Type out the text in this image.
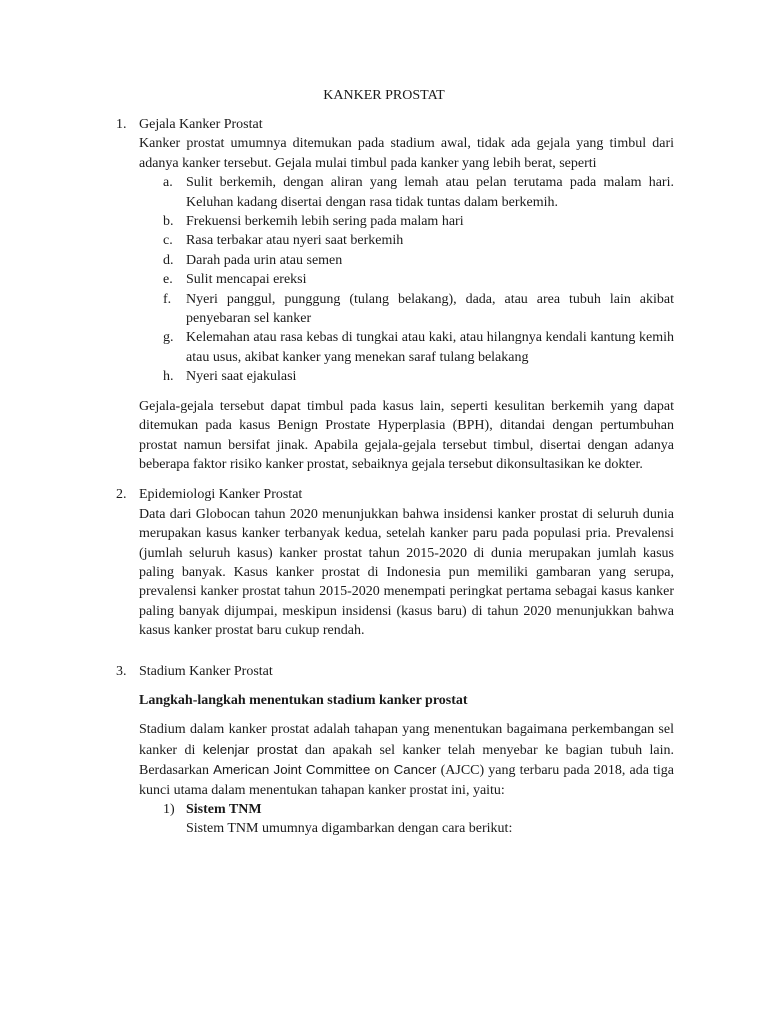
KANKER PROSTAT
1. Gejala Kanker Prostat
Kanker prostat umumnya ditemukan pada stadium awal, tidak ada gejala yang timbul dari adanya kanker tersebut. Gejala mulai timbul pada kanker yang lebih berat, seperti
a. Sulit berkemih, dengan aliran yang lemah atau pelan terutama pada malam hari. Keluhan kadang disertai dengan rasa tidak tuntas dalam berkemih.
b. Frekuensi berkemih lebih sering pada malam hari
c. Rasa terbakar atau nyeri saat berkemih
d. Darah pada urin atau semen
e. Sulit mencapai ereksi
f. Nyeri panggul, punggung (tulang belakang), dada, atau area tubuh lain akibat penyebaran sel kanker
g. Kelemahan atau rasa kebas di tungkai atau kaki, atau hilangnya kendali kantung kemih atau usus, akibat kanker yang menekan saraf tulang belakang
h. Nyeri saat ejakulasi
Gejala-gejala tersebut dapat timbul pada kasus lain, seperti kesulitan berkemih yang dapat ditemukan pada kasus Benign Prostate Hyperplasia (BPH), ditandai dengan pertumbuhan prostat namun bersifat jinak. Apabila gejala-gejala tersebut timbul, disertai dengan adanya beberapa faktor risiko kanker prostat, sebaiknya gejala tersebut dikonsultasikan ke dokter.
2. Epidemiologi Kanker Prostat
Data dari Globocan tahun 2020 menunjukkan bahwa insidensi kanker prostat di seluruh dunia merupakan kasus kanker terbanyak kedua, setelah kanker paru pada populasi pria. Prevalensi (jumlah seluruh kasus) kanker prostat tahun 2015-2020 di dunia merupakan jumlah kasus paling banyak. Kasus kanker prostat di Indonesia pun memiliki gambaran yang serupa, prevalensi kanker prostat tahun 2015-2020 menempati peringkat pertama sebagai kasus kanker paling banyak dijumpai, meskipun insidensi (kasus baru) di tahun 2020 menunjukkan bahwa kasus kanker prostat baru cukup rendah.
3. Stadium Kanker Prostat
Langkah-langkah menentukan stadium kanker prostat
Stadium dalam kanker prostat adalah tahapan yang menentukan bagaimana perkembangan sel kanker di kelenjar prostat dan apakah sel kanker telah menyebar ke bagian tubuh lain. Berdasarkan American Joint Committee on Cancer (AJCC) yang terbaru pada 2018, ada tiga kunci utama dalam menentukan tahapan kanker prostat ini, yaitu:
1) Sistem TNM
Sistem TNM umumnya digambarkan dengan cara berikut:
